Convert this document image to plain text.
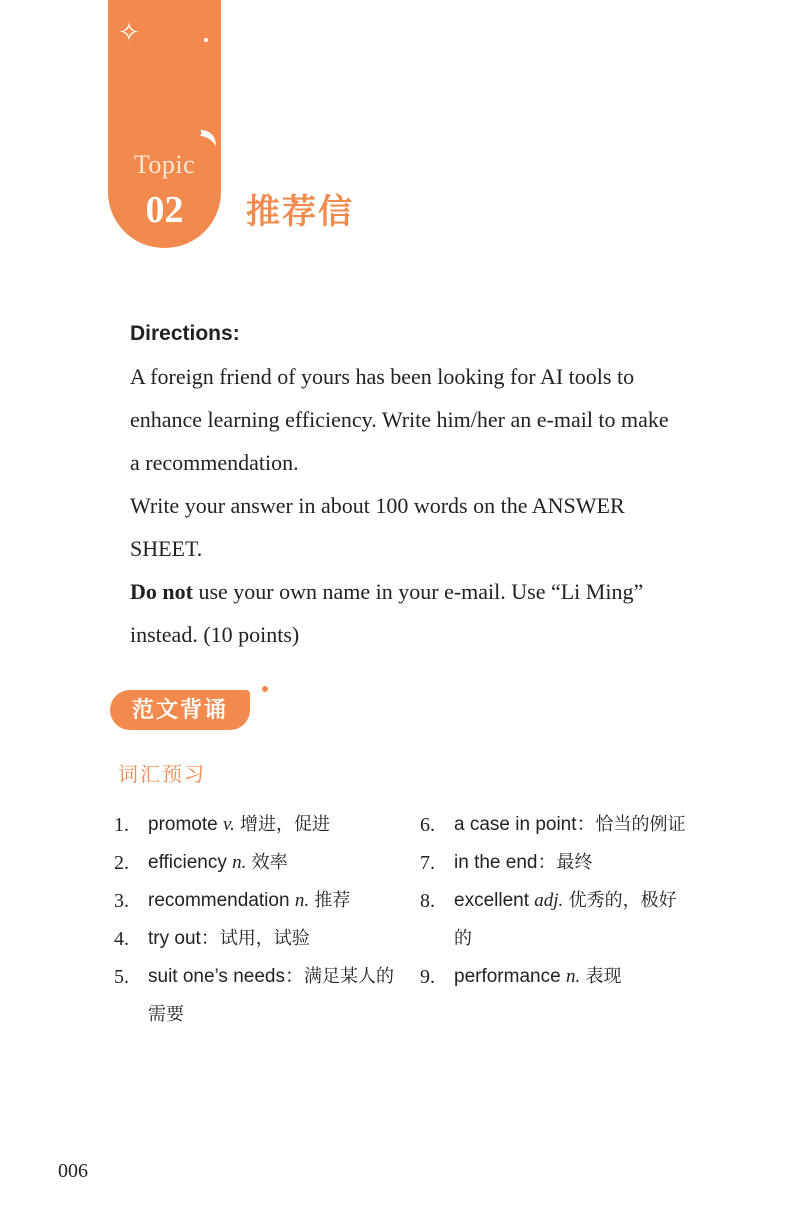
✧
Topic
02	推荐信

Directions:

A foreign friend of yours has been looking for AI tools to enhance learning efficiency. Write him/her an e-mail to make a recommendation.

Write your answer in about 100 words on the ANSWER SHEET.

Do not use your own name in your e-mail. Use “Li Ming” instead. (10 points)

范文背诵
词汇预习
1. promote v. 增进，促进
2. efficiency n. 效率
3. recommendation n. 推荐
4. try out：试用，试验
5. suit one’s needs：满足某人的需要
6. a case in point：恰当的例证
7. in the end：最终
8. excellent adj. 优秀的，极好的
9. performance n. 表现
006
